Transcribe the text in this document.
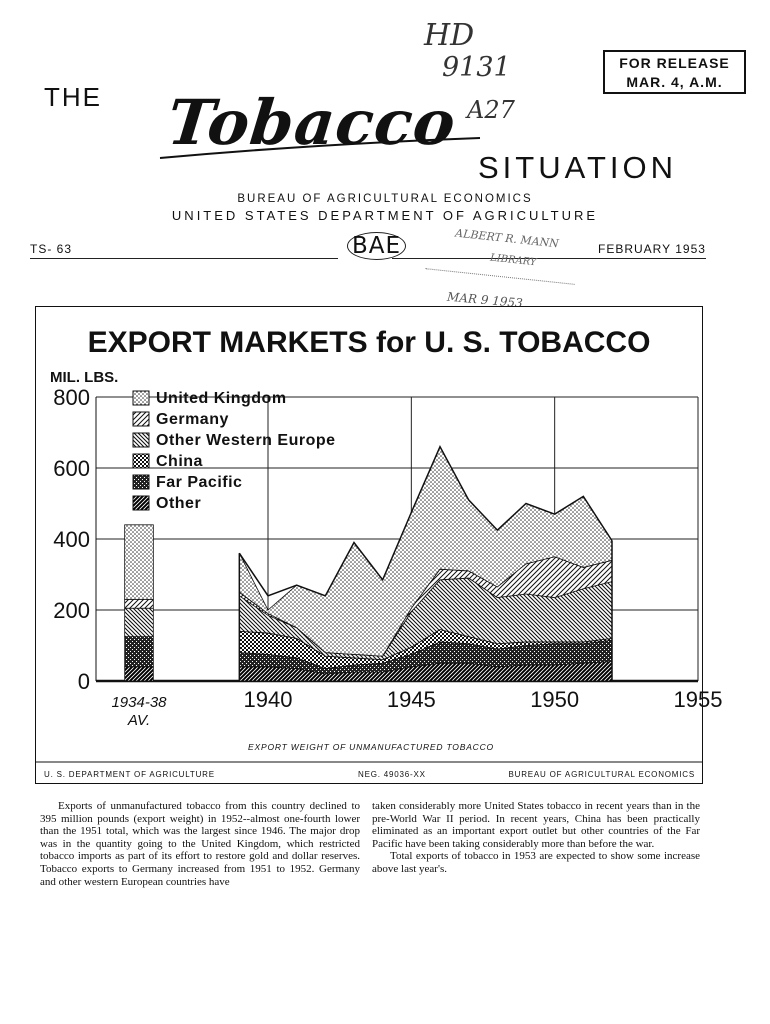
HD
9131
A27
FOR RELEASE
MAR. 4, A.M.
THE Tobacco
SITUATION
BUREAU OF AGRICULTURAL ECONOMICS
UNITED STATES DEPARTMENT OF AGRICULTURE
TS- 63	BAE	FEBRUARY 1953
ALBERT R. MANN
LIBRARY
MAR 9 1953
EXPORT MARKETS for U. S. TOBACCO
MIL. LBS.
0
200
400
600
800
1934-38
AV.
1940	1945	1950	1955
United Kingdom
Germany
Other Western Europe
China
Far Pacific
Other
EXPORT WEIGHT OF UNMANUFACTURED TOBACCO
U. S. DEPARTMENT OF AGRICULTURE	NEG. 49036-XX	BUREAU OF AGRICULTURAL ECONOMICS

Exports of unmanufactured tobacco from this country declined to 395 million pounds (export weight) in 1952--almost one-fourth lower than the 1951 total, which was the largest since 1946. The major drop was in the quantity going to the United Kingdom, which restricted tobacco imports as part of its effort to restore gold and dollar reserves. Tobacco exports to Germany increased from 1951 to 1952. Germany and other western European countries have

taken considerably more United States tobacco in recent years than in the pre-World War II period. In recent years, China has been practically eliminated as an important export outlet but other countries of the Far Pacific have been taking considerably more than before the war.

Total exports of tobacco in 1953 are expected to show some increase above last year's.
